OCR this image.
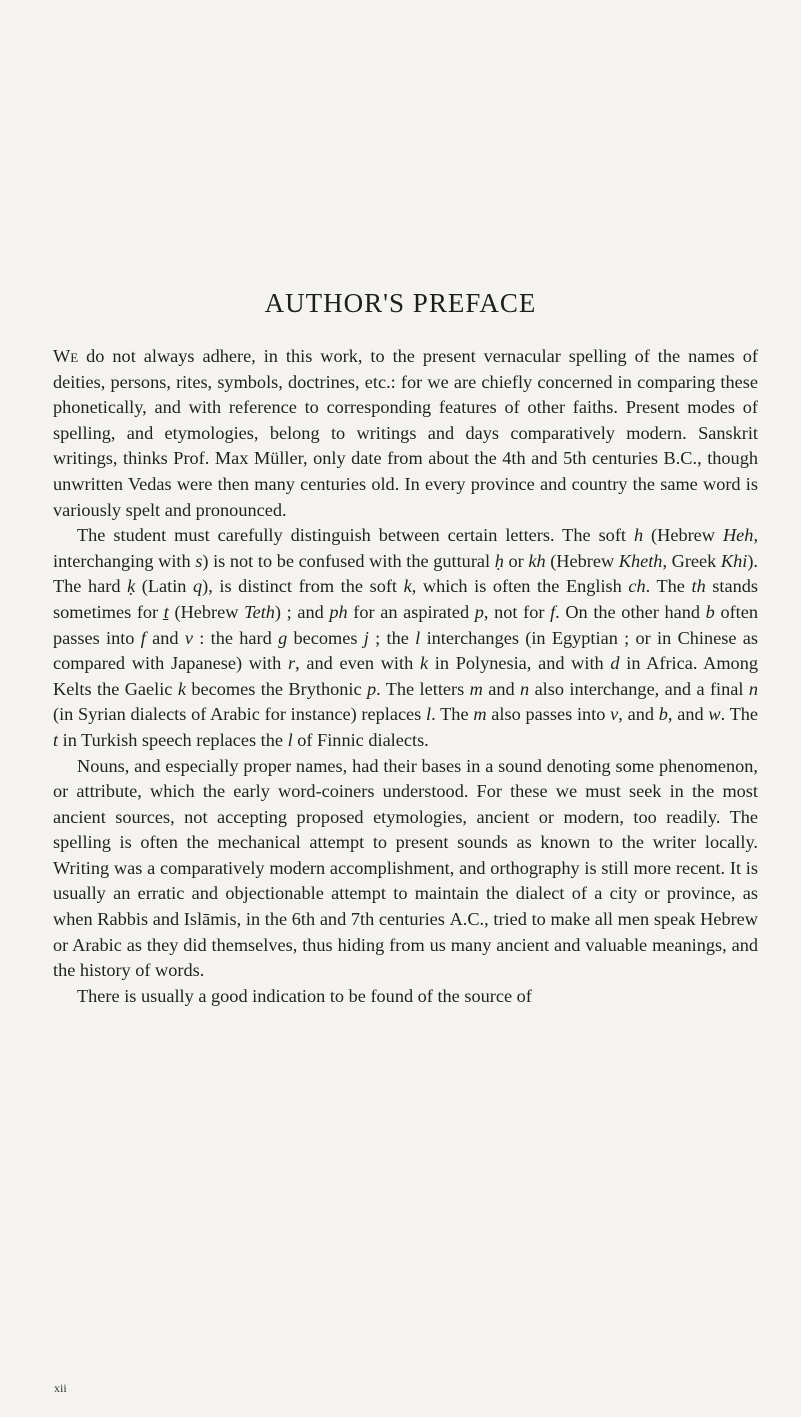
AUTHOR'S PREFACE

We do not always adhere, in this work, to the present vernacular spelling of the names of deities, persons, rites, symbols, doctrines, etc.: for we are chiefly concerned in comparing these phonetically, and with reference to corresponding features of other faiths. Present modes of spelling, and etymologies, belong to writings and days comparatively modern. Sanskrit writings, thinks Prof. Max Müller, only date from about the 4th and 5th centuries B.C., though unwritten Vedas were then many centuries old. In every province and country the same word is variously spelt and pronounced.

The student must carefully distinguish between certain letters. The soft h (Hebrew Heh, interchanging with s) is not to be confused with the guttural ḥ or kh (Hebrew Kheth, Greek Khi). The hard ḳ (Latin q), is distinct from the soft k, which is often the English ch. The th stands sometimes for ṯ (Hebrew Teth) ; and ph for an aspirated p, not for f. On the other hand b often passes into f and v : the hard g becomes j ; the l interchanges (in Egyptian ; or in Chinese as compared with Japanese) with r, and even with k in Polynesia, and with d in Africa. Among Kelts the Gaelic k becomes the Brythonic p. The letters m and n also interchange, and a final n (in Syrian dialects of Arabic for instance) replaces l. The m also passes into v, and b, and w. The t in Turkish speech replaces the l of Finnic dialects.

Nouns, and especially proper names, had their bases in a sound denoting some phenomenon, or attribute, which the early word-coiners understood. For these we must seek in the most ancient sources, not accepting proposed etymologies, ancient or modern, too readily. The spelling is often the mechanical attempt to present sounds as known to the writer locally. Writing was a comparatively modern accomplishment, and orthography is still more recent. It is usually an erratic and objectionable attempt to maintain the dialect of a city or province, as when Rabbis and Islāmis, in the 6th and 7th centuries A.C., tried to make all men speak Hebrew or Arabic as they did themselves, thus hiding from us many ancient and valuable meanings, and the history of words.

There is usually a good indication to be found of the source of

xii
